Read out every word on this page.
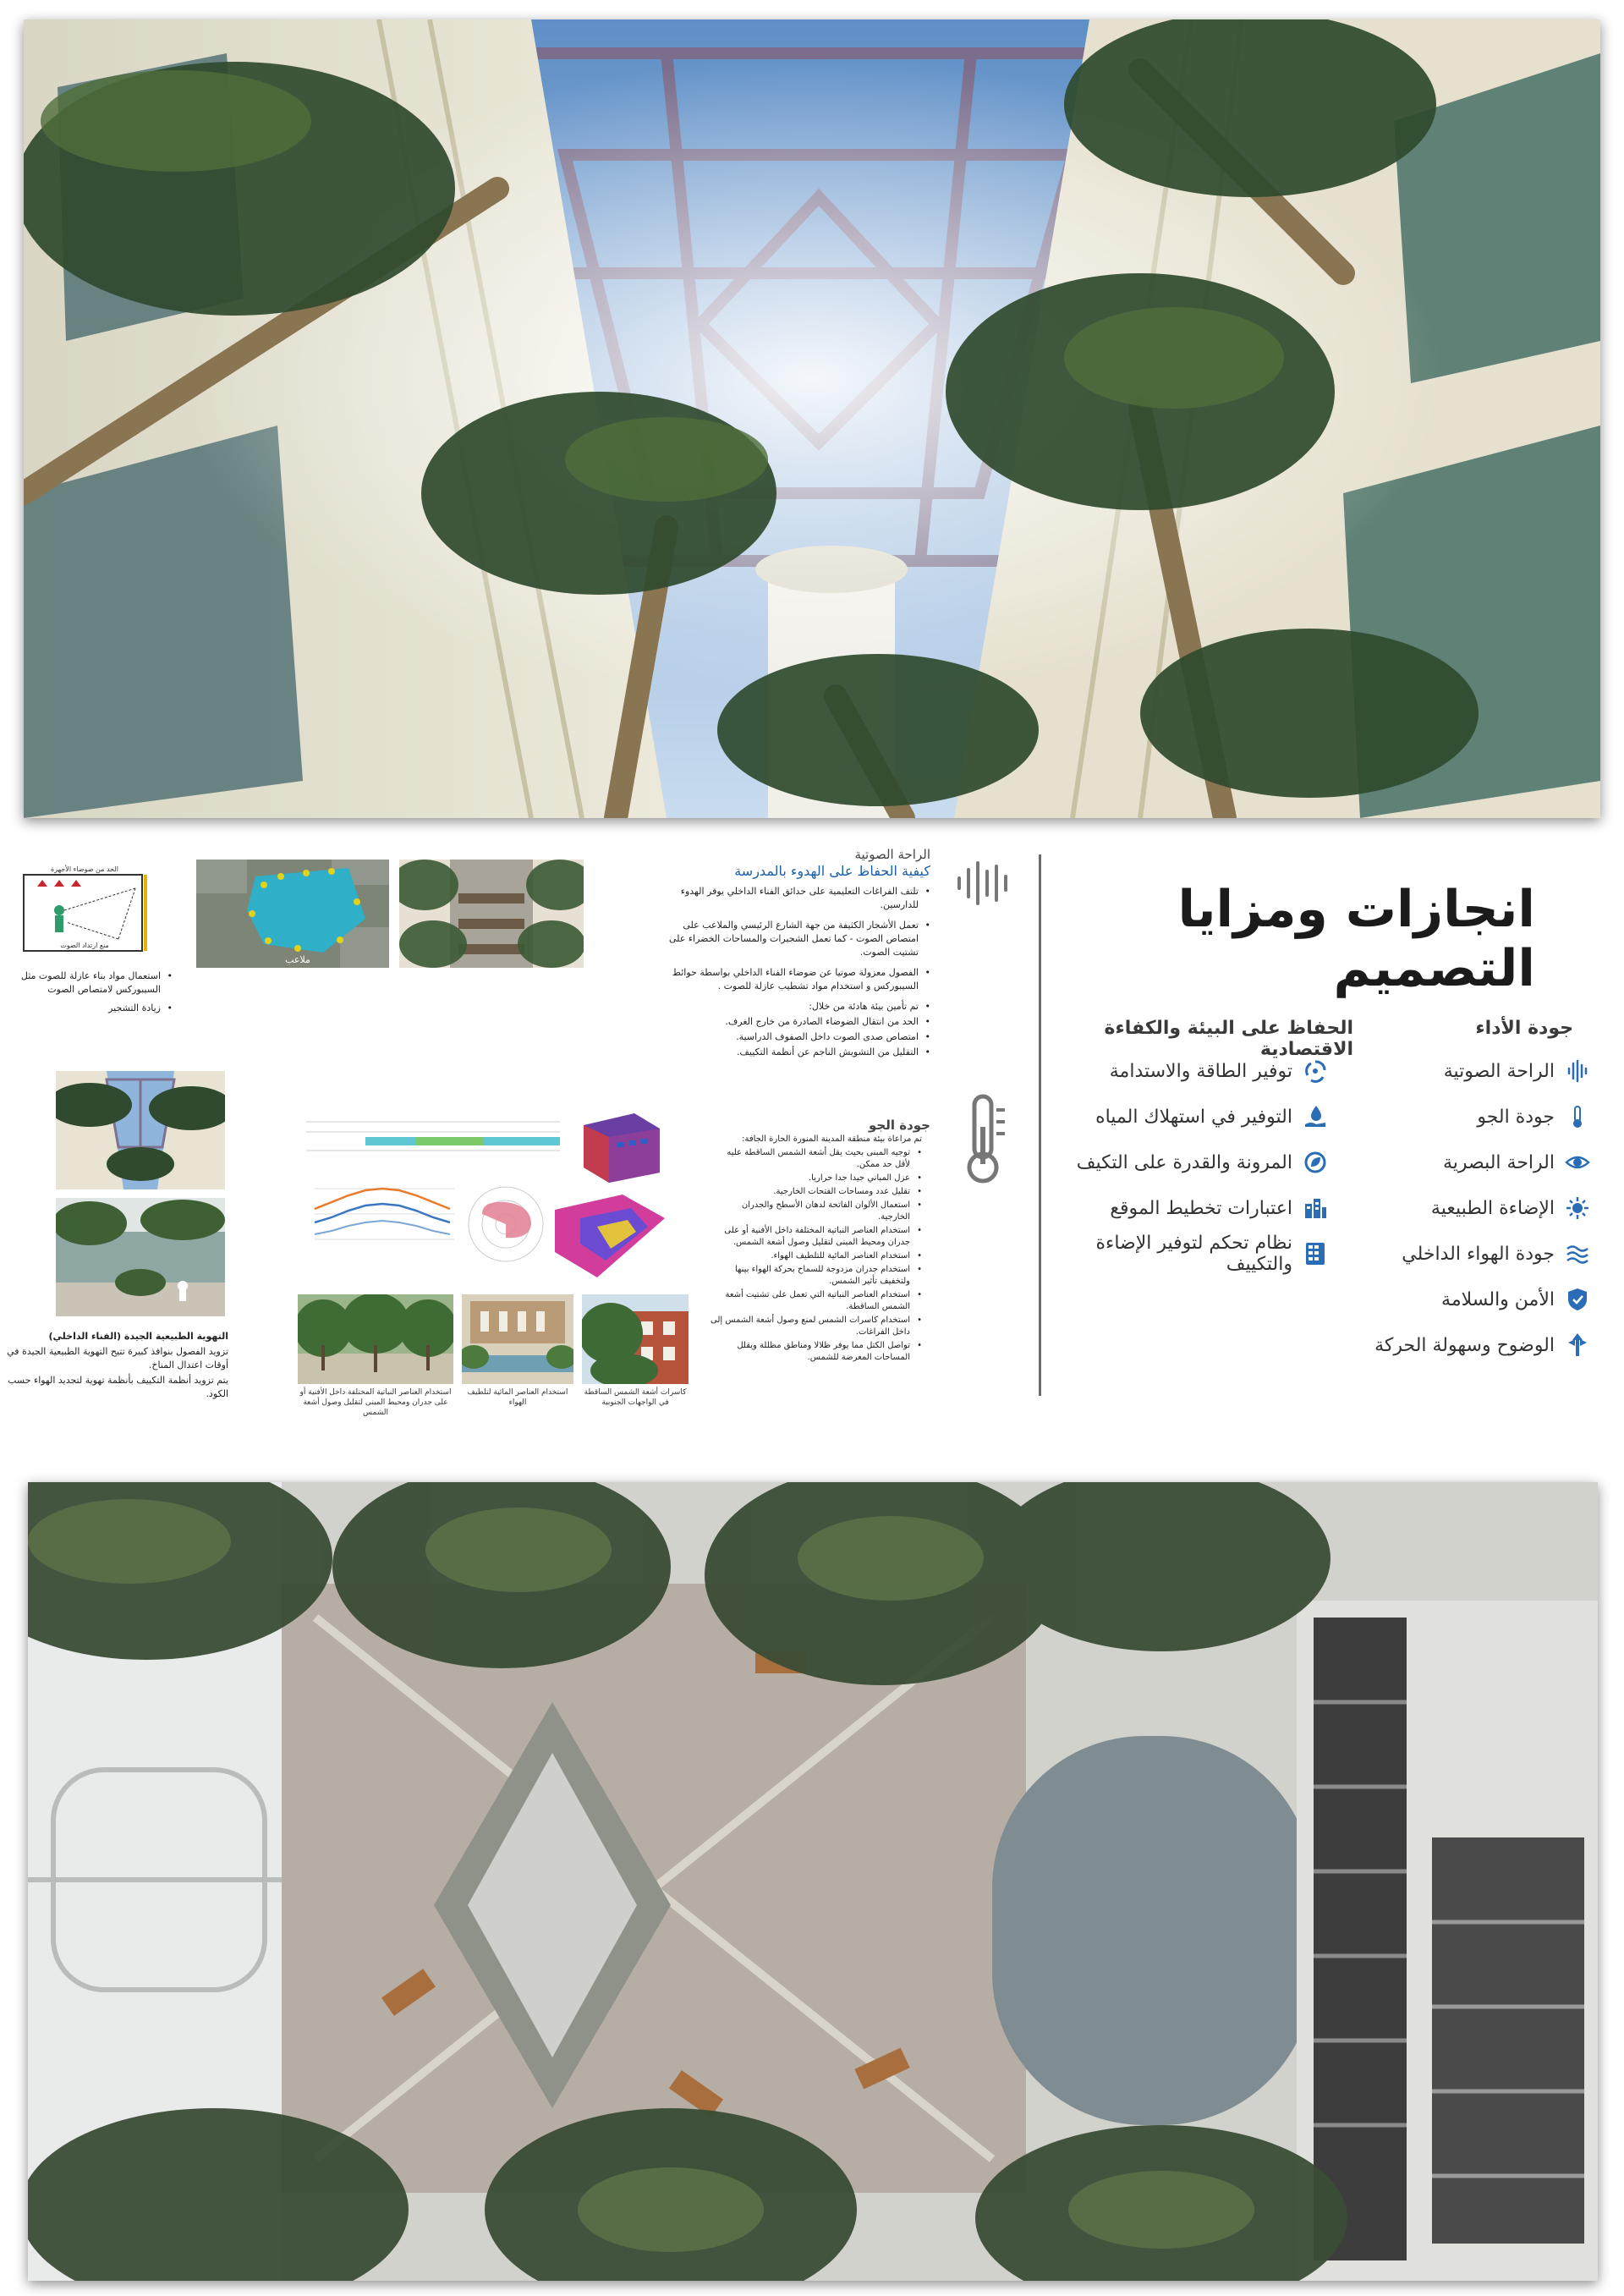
انجازات ومزايا التصميم
جودة الأداء
الحفاظ على البيئة والكفاءة الاقتصادية
الراحة الصوتية
جودة الجو
الراحة البصرية
الإضاءة الطبيعية
جودة الهواء الداخلي
الأمن والسلامة
الوضوح وسهولة الحركة
توفير الطاقة والاستدامة
التوفير في استهلاك المياه
المرونة والقدرة على التكيف
اعتبارات تخطيط الموقع
نظام تحكم لتوفير الإضاءة والتكييف
الراحة الصوتية
كيفية الحفاظ على الهدوء بالمدرسة

• تلتف الفراغات التعليمية على حدائق الفناء الداخلي يوفر الهدوء للدارسين.

• تعمل الأشجار الكثيفة من جهة الشارع الرئيسي والملاعب على امتصاص الصوت - كما تعمل الشجيرات والمساحات الخضراء على تشتيت الصوت.

• الفصول معزولة صوتيا عن ضوضاء الفناء الداخلي بواسطة حوائط السيبوركس و استخدام مواد تشطيب عازلة للصوت .

• تم تأمين بيئة هادئة من خلال:

• الحد من انتقال الضوضاء الصادرة من خارج الغرف.

• امتصاص صدى الصوت داخل الصفوف الدراسية.

• التقليل من التشويش الناجم عن أنظمة التكييف.

ملاعب
الحد من ضوضاء الأجهزة
منع ارتداد الصوت

• استعمال مواد بناء عازلة للصوت مثل السيبوركس لامتصاص الصوت

• زيادة التشجير

جودة الجو

تم مراعاة بيئة منطقة المدينة المنورة الحارة الجافة:

• توجيه المبنى بحيث يقل أشعة الشمس الساقطة عليه لأقل حد ممكن.

• عزل المباني جيدا جدا حراريا.

• تقليل عدد ومساحات الفتحات الخارجية.

• استعمال الألوان الفاتحة لدهان الأسطح والجدران الخارجية.

• استخدام العناصر النباتية المختلفة داخل الأفنية أو على جدران ومحيط المبنى لتقليل وصول أشعة الشمس.

• استخدام العناصر المائية للتلطيف الهواء.

• استخدام جدران مزدوجة للسماح بحركة الهواء بينها ولتخفيف تأثير الشمس.

• استخدام العناصر النباتية التي تعمل على تشتيت أشعة الشمس الساقطة.

• استخدام كاسرات الشمس لمنع وصول أشعة الشمس إلى داخل الفراغات.

• تواصل الكتل مما يوفر ظلالا ومناطق مظللة ويقلل المساحات المعرضة للشمس.

استخدام العناصر النباتية المختلفة داخل الأفنية أو على جدران ومحيط المبنى لتقليل وصول أشعة الشمس
استخدام العناصر المائية لتلطيف الهواء
كاسرات أشعة الشمس الساقطة في الواجهات الجنوبية

التهوية الطبيعية الجيدة (الفناء الداخلي)

تزويد الفصول بنوافذ كبيرة تتيح التهوية الطبيعية الجيدة في أوقات اعتدال المناخ.

يتم تزويد أنظمة التكييف بأنظمة تهوية لتجديد الهواء حسب الكود.
